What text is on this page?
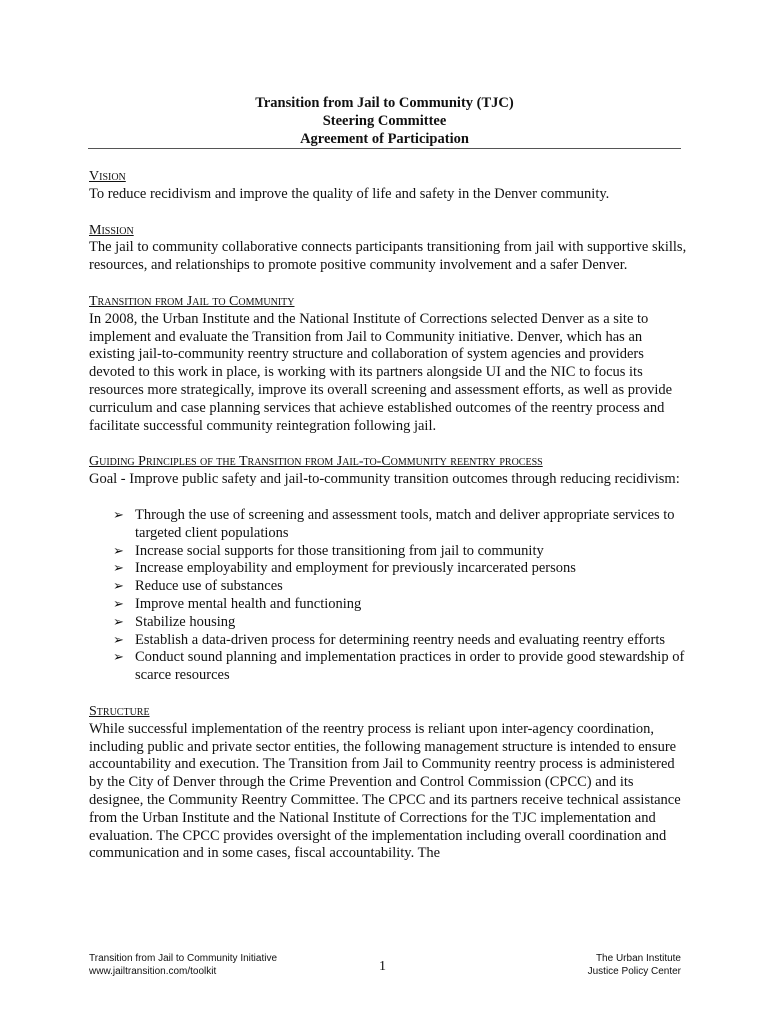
Transition from Jail to Community (TJC)
Steering Committee
Agreement of Participation
Vision
To reduce recidivism and improve the quality of life and safety in the Denver community.
Mission
The jail to community collaborative connects participants transitioning from jail with supportive skills, resources, and relationships to promote positive community involvement and a safer Denver.
Transition from Jail to Community
In 2008, the Urban Institute and the National Institute of Corrections selected Denver as a site to implement and evaluate the Transition from Jail to Community initiative. Denver, which has an existing jail-to-community reentry structure and collaboration of system agencies and providers devoted to this work in place, is working with its partners alongside UI and the NIC to focus its resources more strategically, improve its overall screening and assessment efforts, as well as provide curriculum and case planning services that achieve established outcomes of the reentry process and facilitate successful community reintegration following jail.
Guiding Principles of the Transition from Jail-to-Community reentry process
Goal - Improve public safety and jail-to-community transition outcomes through reducing recidivism:
➢ Through the use of screening and assessment tools, match and deliver appropriate services to targeted client populations
➢ Increase social supports for those transitioning from jail to community
➢ Increase employability and employment for previously incarcerated persons
➢ Reduce use of substances
➢ Improve mental health and functioning
➢ Stabilize housing
➢ Establish a data-driven process for determining reentry needs and evaluating reentry efforts
➢ Conduct sound planning and implementation practices in order to provide good stewardship of scarce resources
Structure
While successful implementation of the reentry process is reliant upon inter-agency coordination, including public and private sector entities, the following management structure is intended to ensure accountability and execution. The Transition from Jail to Community reentry process is administered by the City of Denver through the Crime Prevention and Control Commission (CPCC) and its designee, the Community Reentry Committee. The CPCC and its partners receive technical assistance from the Urban Institute and the National Institute of Corrections for the TJC implementation and evaluation. The CPCC provides oversight of the implementation including overall coordination and communication and in some cases, fiscal accountability. The
Transition from Jail to Community Initiative
www.jailtransition.com/toolkit	1
The Urban Institute
Justice Policy Center
